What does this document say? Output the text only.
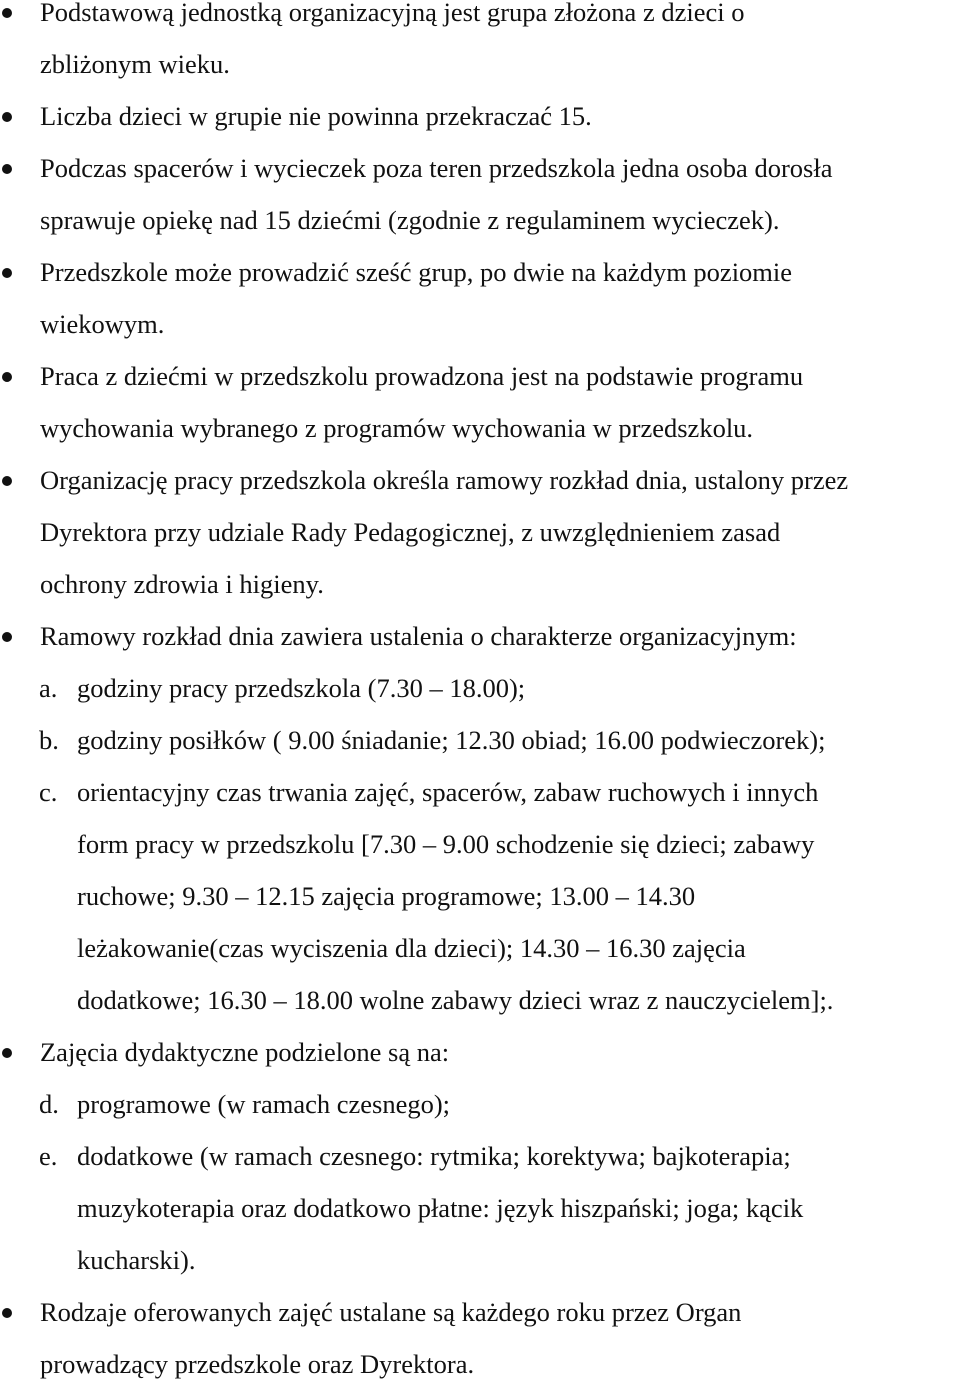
Podstawową jednostką organizacyjną jest grupa złożona z dzieci o
zbliżonym wieku.
Liczba dzieci w grupie nie powinna przekraczać 15.
Podczas spacerów i wycieczek poza teren przedszkola jedna osoba dorosła
sprawuje opiekę nad 15 dziećmi (zgodnie z regulaminem wycieczek).
Przedszkole może prowadzić sześć grup, po dwie na każdym poziomie
wiekowym.
Praca z dziećmi w przedszkolu prowadzona jest na podstawie programu
wychowania wybranego z programów wychowania w przedszkolu.
Organizację pracy przedszkola określa ramowy rozkład dnia, ustalony przez
Dyrektora przy udziale Rady Pedagogicznej, z uwzględnieniem zasad
ochrony zdrowia i higieny.
Ramowy rozkład dnia zawiera ustalenia o charakterze organizacyjnym:
a. godziny pracy przedszkola (7.30 – 18.00);
b. godziny posiłków ( 9.00 śniadanie; 12.30 obiad; 16.00 podwieczorek);
c. orientacyjny czas trwania zajęć, spacerów, zabaw ruchowych i innych
form pracy w przedszkolu [7.30 – 9.00 schodzenie się dzieci; zabawy
ruchowe; 9.30 – 12.15 zajęcia programowe; 13.00 – 14.30
leżakowanie(czas wyciszenia dla dzieci); 14.30 – 16.30 zajęcia
dodatkowe; 16.30 – 18.00 wolne zabawy dzieci wraz z nauczycielem];.
Zajęcia dydaktyczne podzielone są na:
d. programowe (w ramach czesnego);
e. dodatkowe (w ramach czesnego: rytmika; korektywa; bajkoterapia;
muzykoterapia oraz dodatkowo płatne: język hiszpański; joga; kącik
kucharski).
Rodzaje oferowanych zajęć ustalane są każdego roku przez Organ
prowadzący przedszkole oraz Dyrektora.
